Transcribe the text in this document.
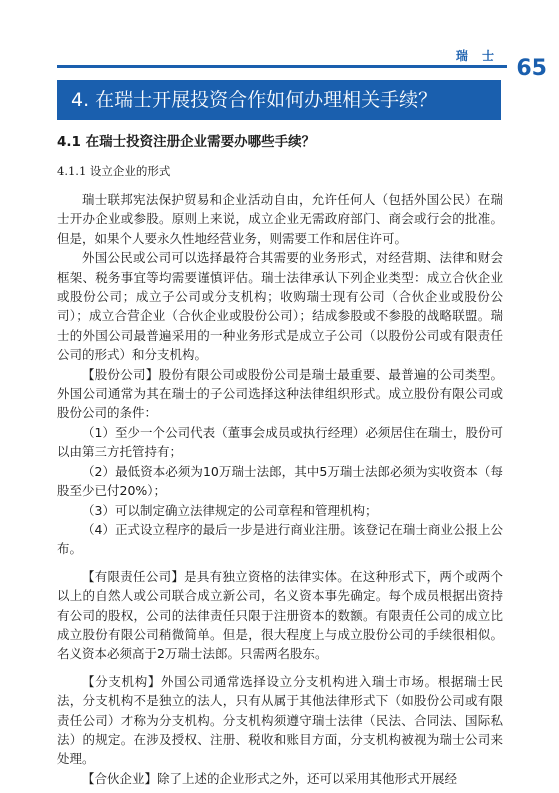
瑞 士 65
4. 在瑞士开展投资合作如何办理相关手续？
4.1 在瑞士投资注册企业需要办哪些手续？
4.1.1 设立企业的形式

瑞士联邦宪法保护贸易和企业活动自由，允许任何人（包括外国公民）在瑞士开办企业或参股。原则上来说，成立企业无需政府部门、商会或行会的批准。但是，如果个人要永久性地经营业务，则需要工作和居住许可。

外国公民或公司可以选择最符合其需要的业务形式，对经营期、法律和财会框架、税务事宜等均需要谨慎评估。瑞士法律承认下列企业类型：成立合伙企业或股份公司；成立子公司或分支机构；收购瑞士现有公司（合伙企业或股份公司）；成立合营企业（合伙企业或股份公司）；结成参股或不参股的战略联盟。瑞士的外国公司最普遍采用的一种业务形式是成立子公司（以股份公司或有限责任公司的形式）和分支机构。

【股份公司】股份有限公司或股份公司是瑞士最重要、最普遍的公司类型。外国公司通常为其在瑞士的子公司选择这种法律组织形式。成立股份有限公司或股份公司的条件：

（1）至少一个公司代表（董事会成员或执行经理）必须居住在瑞士，股份可以由第三方托管持有；

（2）最低资本必须为10万瑞士法郎，其中5万瑞士法郎必须为实收资本（每股至少已付20%）；

（3）可以制定确立法律规定的公司章程和管理机构；

（4）正式设立程序的最后一步是进行商业注册。该登记在瑞士商业公报上公布。

【有限责任公司】是具有独立资格的法律实体。在这种形式下，两个或两个以上的自然人或公司联合成立新公司，名义资本事先确定。每个成员根据出资持有公司的股权，公司的法律责任只限于注册资本的数额。有限责任公司的成立比成立股份有限公司稍微简单。但是，很大程度上与成立股份公司的手续很相似。名义资本必须高于2万瑞士法郎。只需两名股东。

【分支机构】外国公司通常选择设立分支机构进入瑞士市场。根据瑞士民法，分支机构不是独立的法人，只有从属于其他法律形式下（如股份公司或有限责任公司）才称为分支机构。分支机构须遵守瑞士法律（民法、合同法、国际私法）的规定。在涉及授权、注册、税收和账目方面，分支机构被视为瑞士公司来处理。

【合伙企业】除了上述的企业形式之外，还可以采用其他形式开展经
